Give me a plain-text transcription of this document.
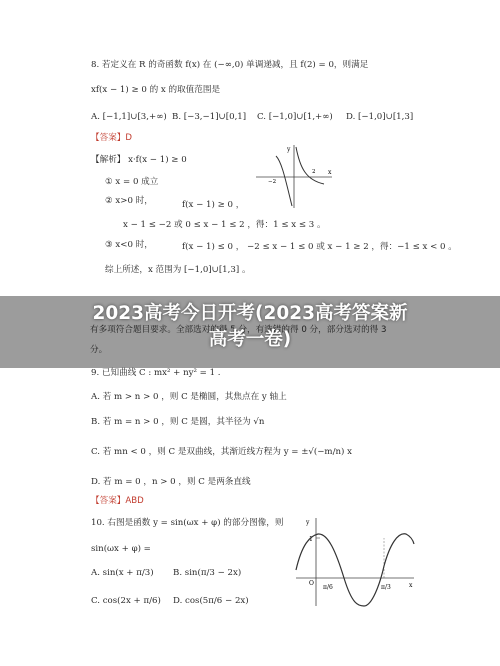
8. 若定义在 R 的奇函数 f(x) 在 (−∞,0) 单调递减，且 f(2) = 0，则满足
xf(x − 1) ≥ 0 的 x 的取值范围是
A. [−1,1]∪[3,+∞) B. [−3,−1]∪[0,1] C. [−1,0]∪[1,+∞) D. [−1,0]∪[1,3]
【答案】D
【解析】 x·f(x − 1) ≥ 0
① x = 0 成立
② x>0 时，	f(x − 1) ≥ 0 ，
x − 1 ≤ −2 或 0 ≤ x − 1 ≤ 2 ，得：1 ≤ x ≤ 3 。
③ x<0 时，	f(x − 1) ≤ 0 ， −2 ≤ x − 1 ≤ 0 或 x − 1 ≥ 2 ，得：−1 ≤ x < 0 。
综上所述，x 范围为 [−1,0]∪[1,3] 。
y
x
−2
2
有多项符合题目要求。全部选对的得 5 分，有选错的得 0 分，部分选对的得 3
分。
2023高考今日开考(2023高考答案新
高考一卷)
9. 已知曲线 C : mx² + ny² = 1 .
A. 若 m > n > 0 ，则 C 是椭圆，其焦点在 y 轴上
B. 若 m = n > 0 ，则 C 是圆，其半径为 √n
C. 若 mn < 0 ，则 C 是双曲线，其渐近线方程为 y = ±√(−m/n) x
D. 若 m = 0 ，n > 0 ，则 C 是两条直线
【答案】ABD
10. 右图是函数 y = sin(ωx + φ) 的部分图像，则
sin(ωx + φ) =
A. sin(x + π/3) B. sin(π/3 − 2x)
C. cos(2x + π/6) D. cos(5π/6 − 2x)
y
x
O
1
π/6	π/3
